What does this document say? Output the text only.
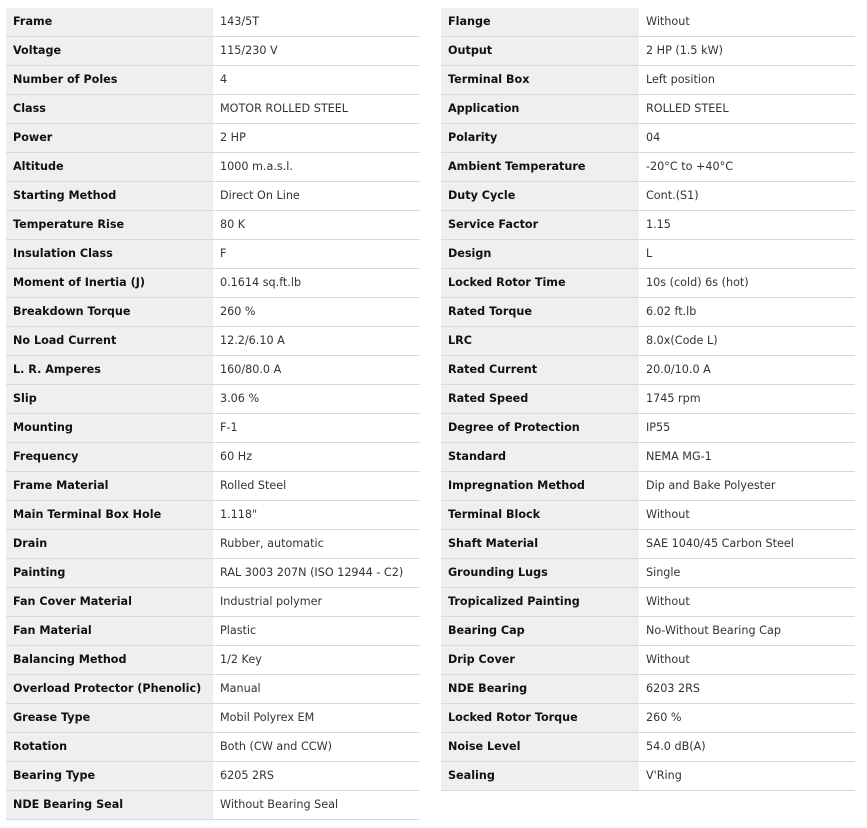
Frame	143/5T
Voltage	115/230 V
Number of Poles	4
Class	MOTOR ROLLED STEEL
Power	2 HP
Altitude	1000 m.a.s.l.
Starting Method	Direct On Line
Temperature Rise	80 K
Insulation Class	F
Moment of Inertia (J)	0.1614 sq.ft.lb
Breakdown Torque	260 %
No Load Current	12.2/6.10 A
L. R. Amperes	160/80.0 A
Slip	3.06 %
Mounting	F-1
Frequency	60 Hz
Frame Material	Rolled Steel
Main Terminal Box Hole	1.118"
Drain	Rubber, automatic
Painting	RAL 3003 207N (ISO 12944 - C2)
Fan Cover Material	Industrial polymer
Fan Material	Plastic
Balancing Method	1/2 Key
Overload Protector (Phenolic)	Manual
Grease Type	Mobil Polyrex EM
Rotation	Both (CW and CCW)
Bearing Type	6205 2RS
NDE Bearing Seal	Without Bearing Seal
Flange	Without
Output	2 HP (1.5 kW)
Terminal Box	Left position
Application	ROLLED STEEL
Polarity	04
Ambient Temperature	-20°C to +40°C
Duty Cycle	Cont.(S1)
Service Factor	1.15
Design	L
Locked Rotor Time	10s (cold) 6s (hot)
Rated Torque	6.02 ft.lb
LRC	8.0x(Code L)
Rated Current	20.0/10.0 A
Rated Speed	1745 rpm
Degree of Protection	IP55
Standard	NEMA MG-1
Impregnation Method	Dip and Bake Polyester
Terminal Block	Without
Shaft Material	SAE 1040/45 Carbon Steel
Grounding Lugs	Single
Tropicalized Painting	Without
Bearing Cap	No-Without Bearing Cap
Drip Cover	Without
NDE Bearing	6203 2RS
Locked Rotor Torque	260 %
Noise Level	54.0 dB(A)
Sealing	V'Ring
